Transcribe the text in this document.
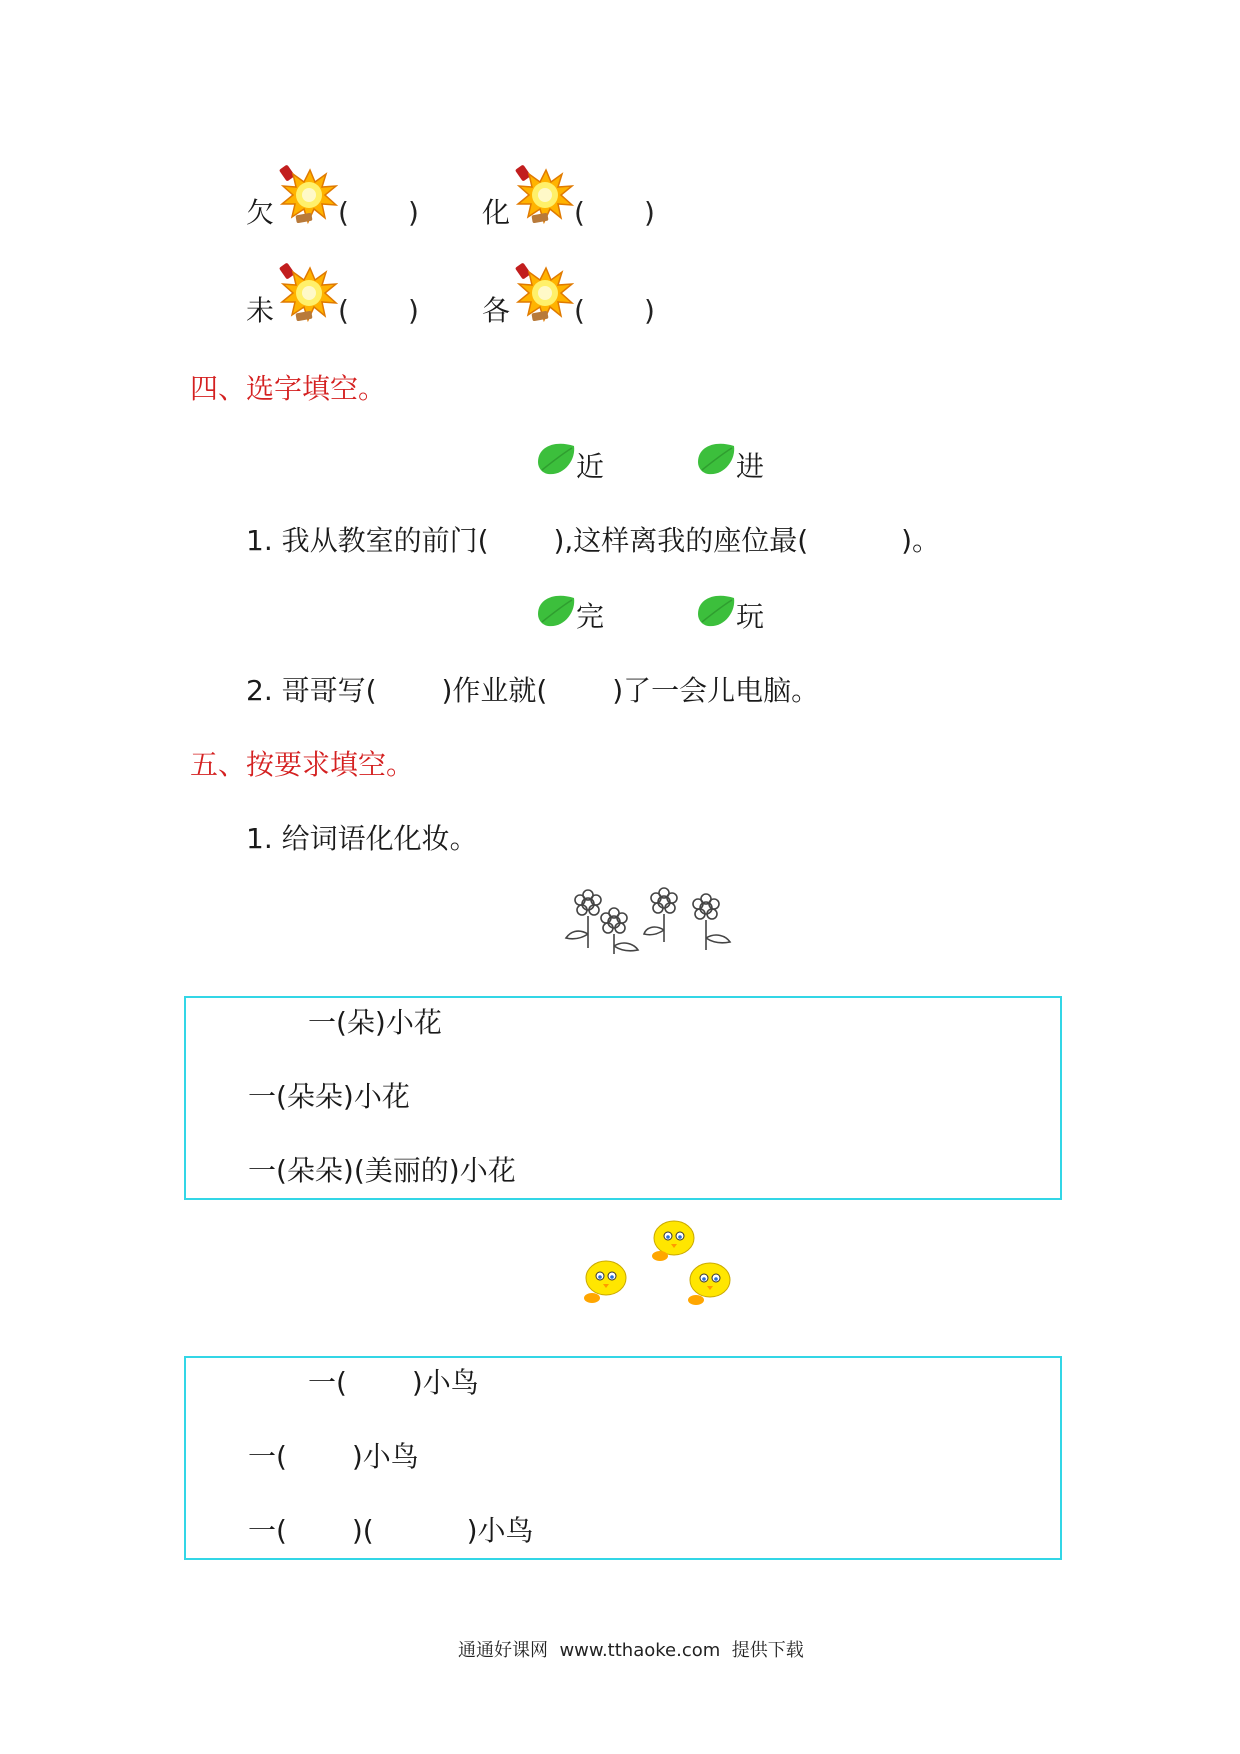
欠 ( ) 化 ( )
未 ( ) 各 ( )
四、选字填空。
近	进
1. 我从教室的前门(　　 ),这样离我的座位最(　　　 )。
完	玩
2. 哥哥写(　　 )作业就(　　 )了一会儿电脑。
五、按要求填空。
1. 给词语化化妆。
一(朵)小花
一(朵朵)小花
一(朵朵)(美丽的)小花
一(　　 )小鸟
一(　　 )小鸟
一(　　 )(　　　 )小鸟
通通好课网  www.tthaoke.com  提供下载
